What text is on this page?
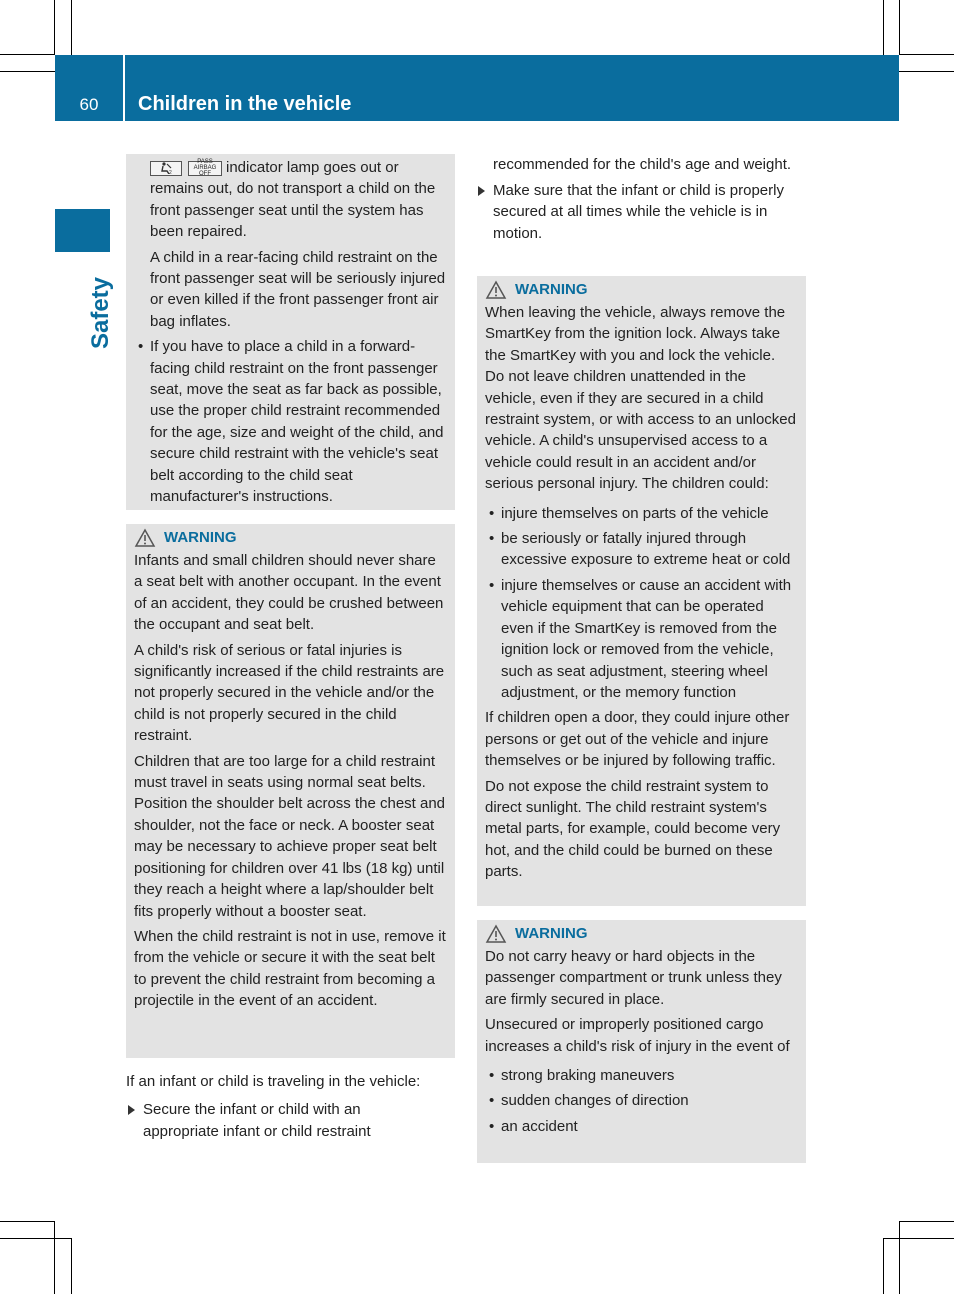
60	Children in the vehicle
Safety

2
PASS AIRBAG OFF	indicator lamp goes out or remains out, do not transport a child on the front passenger seat until the system has been repaired.

A child in a rear-facing child restraint on the front passenger seat will be seriously injured or even killed if the front passenger front air bag inflates.

• If you have to place a child in a forward-facing child restraint on the front passenger seat, move the seat as far back as possible, use the proper child restraint recommended for the age, size and weight of the child, and secure child restraint with the vehicle's seat belt according to the child seat manufacturer's instructions.
WARNING

Infants and small children should never share a seat belt with another occupant. In the event of an accident, they could be crushed between the occupant and seat belt.

A child's risk of serious or fatal injuries is significantly increased if the child restraints are not properly secured in the vehicle and/or the child is not properly secured in the child restraint.

Children that are too large for a child restraint must travel in seats using normal seat belts. Position the shoulder belt across the chest and shoulder, not the face or neck. A booster seat may be necessary to achieve proper seat belt positioning for children over 41 lbs (18 kg) until they reach a height where a lap/shoulder belt fits properly without a booster seat.

When the child restraint is not in use, remove it from the vehicle or secure it with the seat belt to prevent the child restraint from becoming a projectile in the event of an accident.

If an infant or child is traveling in the vehicle:
Secure the infant or child with an appropriate infant or child restraint
recommended for the child's age and weight.
Make sure that the infant or child is properly secured at all times while the vehicle is in motion.
WARNING

When leaving the vehicle, always remove the SmartKey from the ignition lock. Always take the SmartKey with you and lock the vehicle. Do not leave children unattended in the vehicle, even if they are secured in a child restraint system, or with access to an unlocked vehicle. A child's unsupervised access to a vehicle could result in an accident and/or serious personal injury. The children could:

• injure themselves on parts of the vehicle
• be seriously or fatally injured through excessive exposure to extreme heat or cold
• injure themselves or cause an accident with vehicle equipment that can be operated even if the SmartKey is removed from the ignition lock or removed from the vehicle, such as seat adjustment, steering wheel adjustment, or the memory function

If children open a door, they could injure other persons or get out of the vehicle and injure themselves or be injured by following traffic.

Do not expose the child restraint system to direct sunlight. The child restraint system's metal parts, for example, could become very hot, and the child could be burned on these parts.

WARNING

Do not carry heavy or hard objects in the passenger compartment or trunk unless they are firmly secured in place.

Unsecured or improperly positioned cargo increases a child's risk of injury in the event of

• strong braking maneuvers
• sudden changes of direction
• an accident
